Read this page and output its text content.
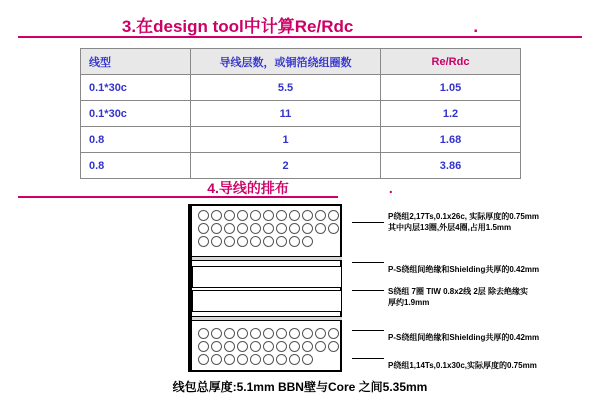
3.在design tool中计算Re/Rdc	.
线型	导线层数，或铜箔绕组圈数	Re/Rdc
0.1*30c	5.5	1.05
0.1*30c	11	1.2
0.8	1	1.68
0.8	2	3.86
4.导线的排布	.
P绕组2,17Ts,0.1x26c, 实际厚度的0.75mm
其中内层13圈,外层4圈,占用1.5mm
P-S绕组间绝缘和Shielding共厚的0.42mm
S绕组 7圈 TIW 0.8x2线 2层 除去绝缘实
厚约1.9mm
P-S绕组间绝缘和Shielding共厚的0.42mm
P绕组1,14Ts,0.1x30c,实际厚度的0.75mm
线包总厚度:5.1mm BBN壁与Core 之间5.35mm
